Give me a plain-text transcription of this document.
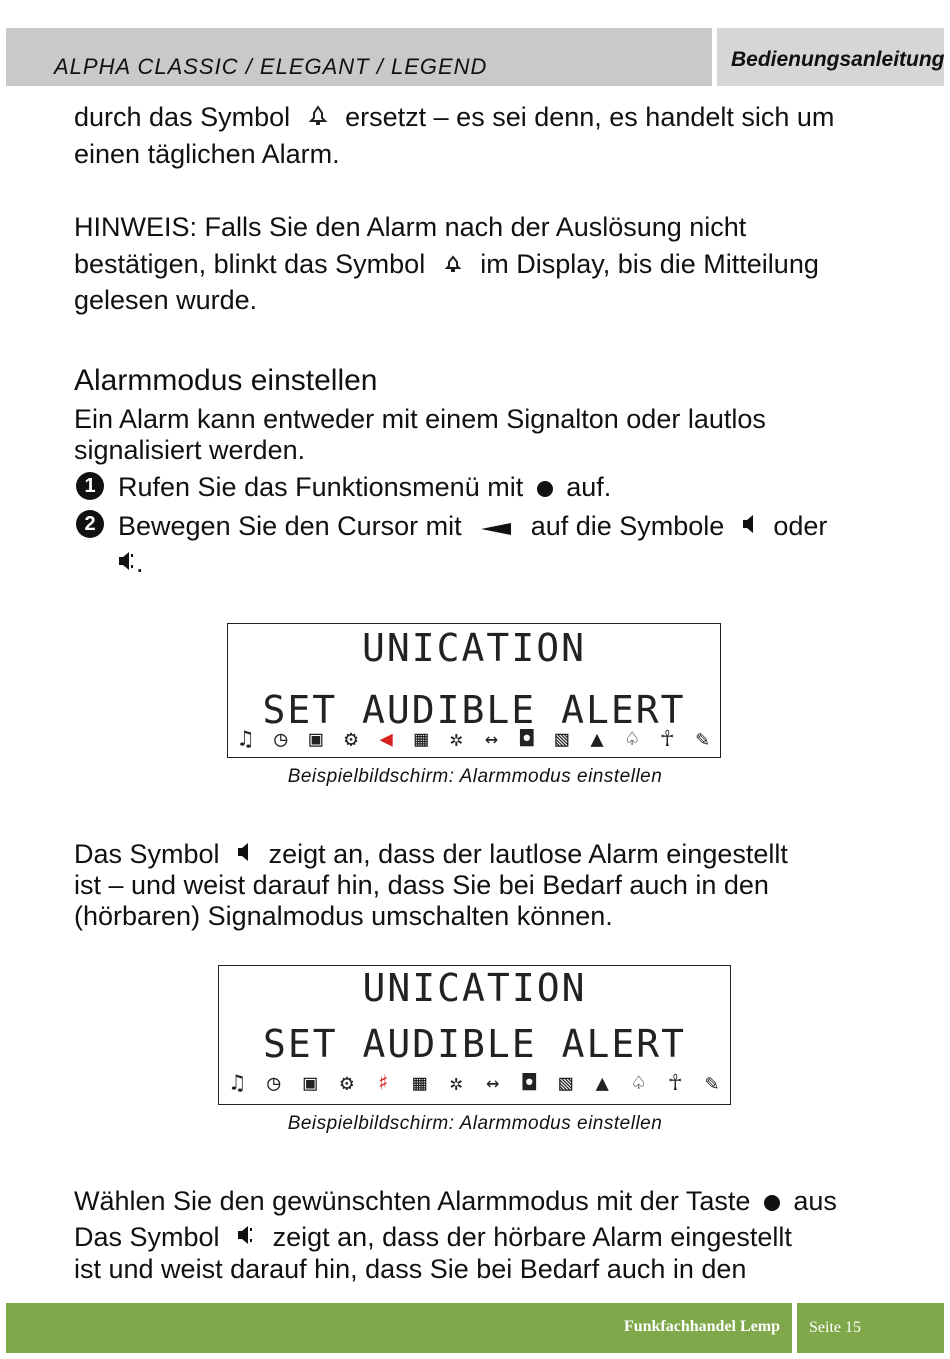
ALPHA CLASSIC / ELEGANT / LEGEND	Bedienungsanleitung
durch das Symbol ersetzt – es sei denn, es handelt sich um
einen täglichen Alarm.
HINWEIS: Falls Sie den Alarm nach der Auslösung nicht
bestätigen, blinkt das Symbol im Display, bis die Mitteilung
gelesen wurde.
Alarmmodus einstellen
Ein Alarm kann entweder mit einem Signalton oder lautlos
signalisiert werden.
1 Rufen Sie das Funktionsmenü mit auf.
2 Bewegen Sie den Cursor mit	auf die Symbole oder
.
UNICATION
SET AUDIBLE ALERT
♫ ◷ ▣ ⚙ ◀ ▦ ✲ ↔ ◘ ▧ ▲ ♤ ☥ ✎
Beispielbildschirm: Alarmmodus einstellen
Das Symbol zeigt an, dass der lautlose Alarm eingestellt
ist – und weist darauf hin, dass Sie bei Bedarf auch in den
(hörbaren) Signalmodus umschalten können.
UNICATION
SET AUDIBLE ALERT
♫ ◷ ▣ ⚙ ♯ ▦ ✲ ↔ ◘ ▧ ▲ ♤ ☥ ✎
Beispielbildschirm: Alarmmodus einstellen
Wählen Sie den gewünschten Alarmmodus mit der Taste aus
Das Symbol zeigt an, dass der hörbare Alarm eingestellt
ist und weist darauf hin, dass Sie bei Bedarf auch in den
Funkfachhandel Lemp Seite 15
